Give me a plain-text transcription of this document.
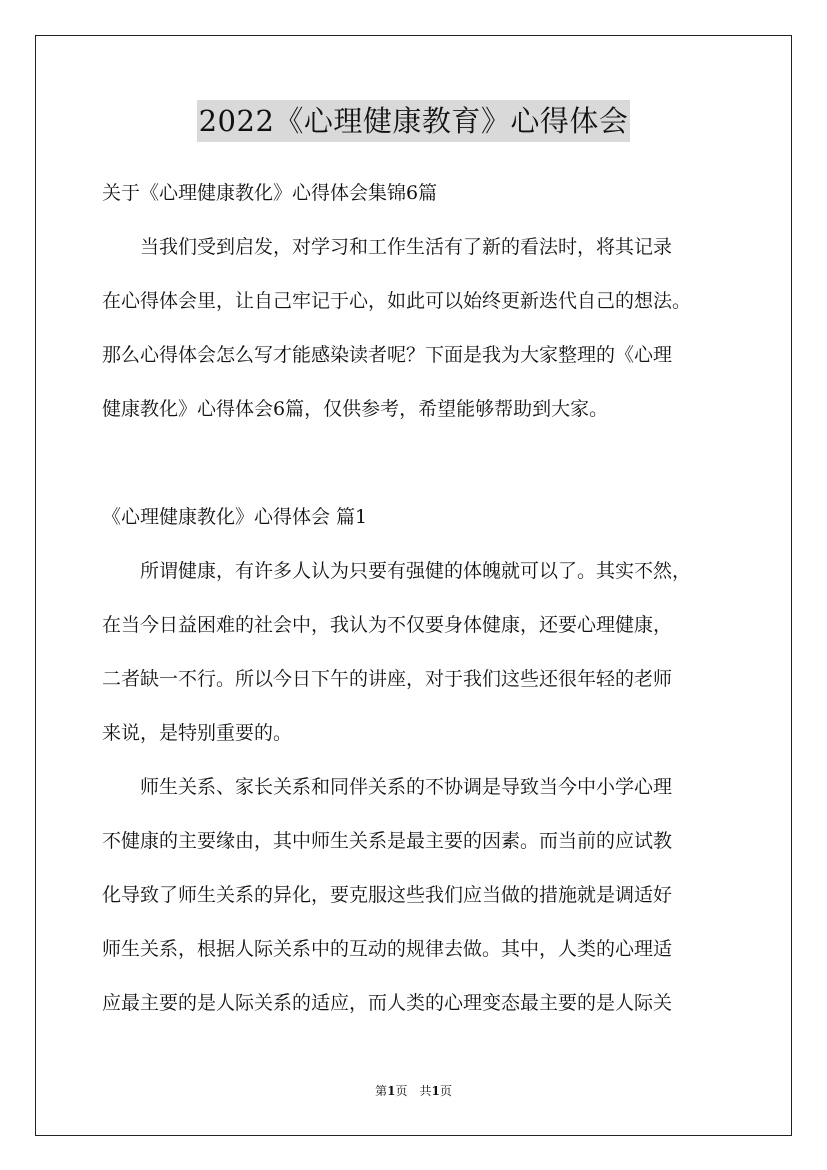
2022《心理健康教育》心得体会
关于《心理健康教化》心得体会集锦6篇
　　当我们受到启发，对学习和工作生活有了新的看法时，将其记录
在心得体会里，让自己牢记于心，如此可以始终更新迭代自己的想法。
那么心得体会怎么写才能感染读者呢？下面是我为大家整理的《心理
健康教化》心得体会6篇，仅供参考，希望能够帮助到大家。
《心理健康教化》心得体会 篇1
　　所谓健康，有许多人认为只要有强健的体魄就可以了。其实不然，
在当今日益困难的社会中，我认为不仅要身体健康，还要心理健康，
二者缺一不行。所以今日下午的讲座，对于我们这些还很年轻的老师
来说，是特别重要的。
　　师生关系、家长关系和同伴关系的不协调是导致当今中小学心理
不健康的主要缘由，其中师生关系是最主要的因素。而当前的应试教
化导致了师生关系的异化，要克服这些我们应当做的措施就是调适好
师生关系，根据人际关系中的互动的规律去做。其中，人类的心理适
应最主要的是人际关系的适应，而人类的心理变态最主要的是人际关
第1页　共1页
